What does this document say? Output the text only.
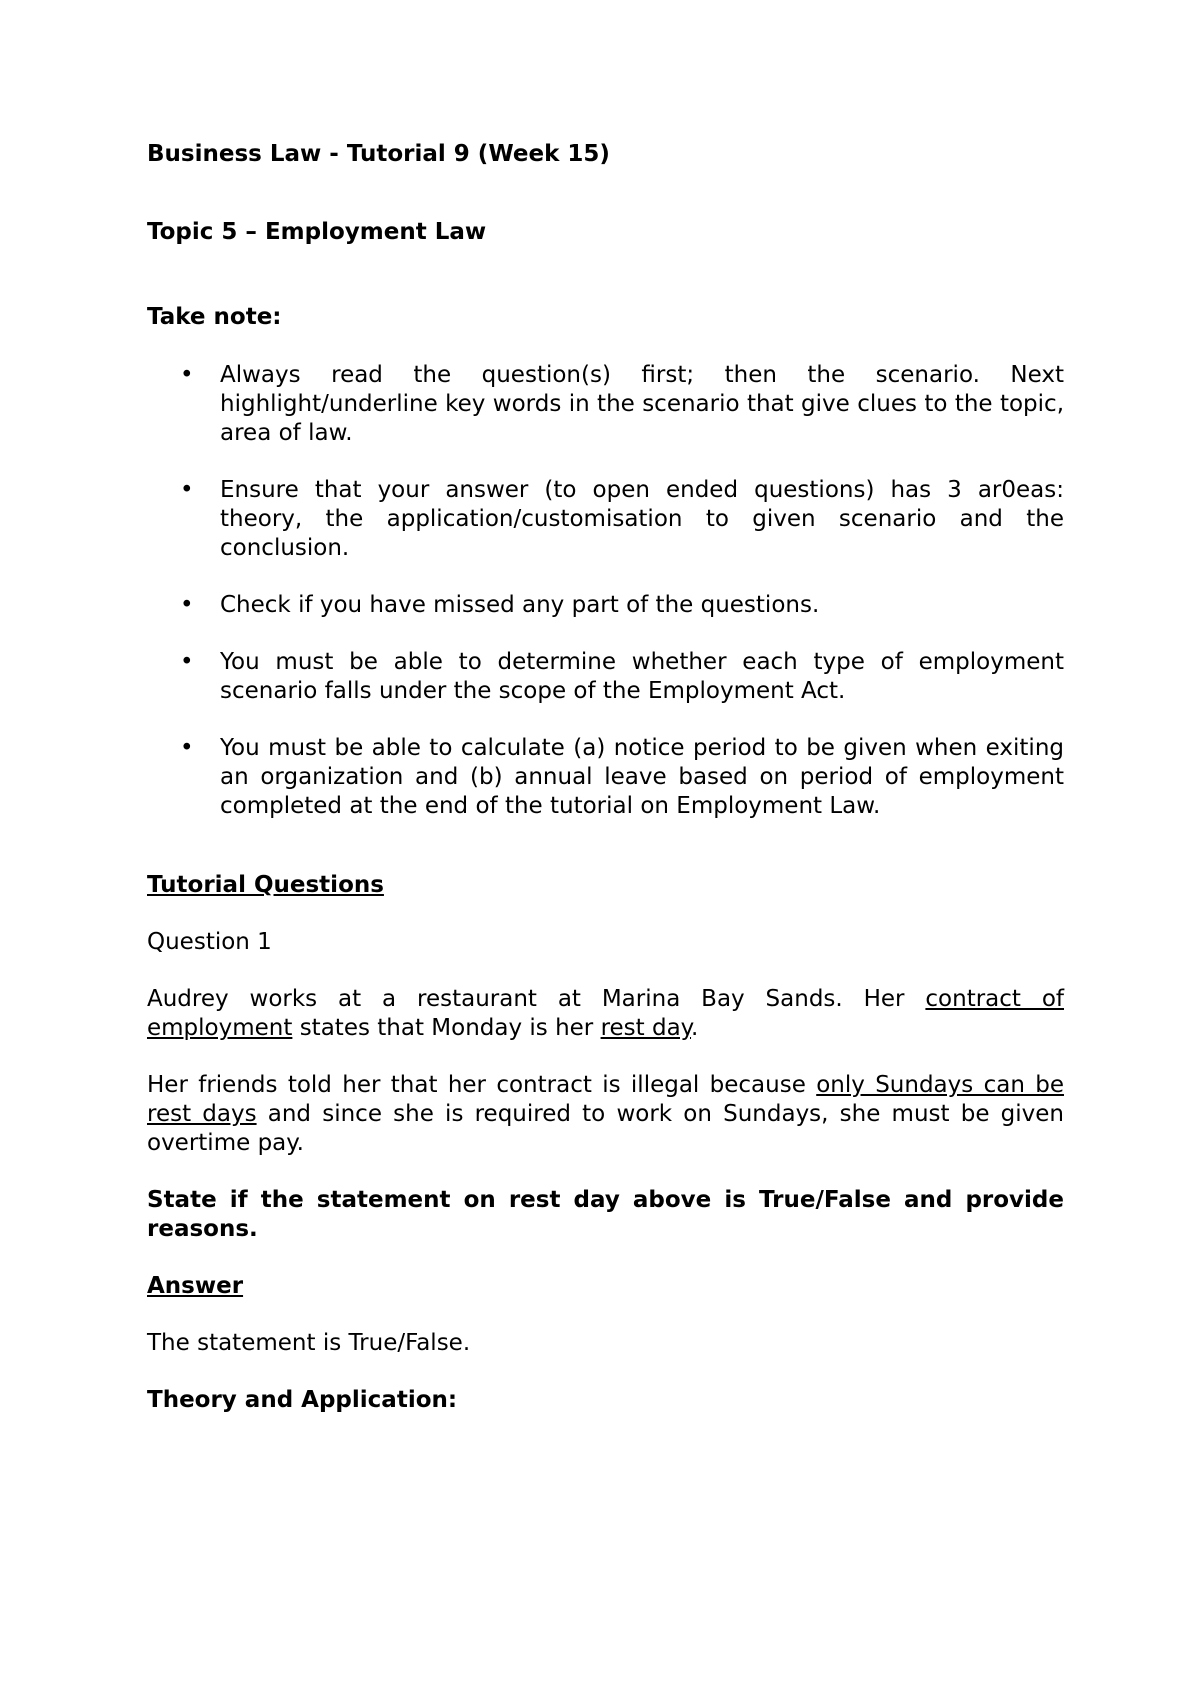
Business Law - Tutorial 9 (Week 15)
Topic 5 – Employment Law
Take note:
• Always read the question(s) first; then the scenario. Next highlight/underline key words in the scenario that give clues to the topic, area of law.
• Ensure that your answer (to open ended questions) has 3 ar0eas: theory, the application/customisation to given scenario and the conclusion.
• Check if you have missed any part of the questions.
• You must be able to determine whether each type of employment scenario falls under the scope of the Employment Act.
• You must be able to calculate (a) notice period to be given when exiting an organization and (b) annual leave based on period of employment completed at the end of the tutorial on Employment Law.
Tutorial Questions
Question 1

Audrey works at a restaurant at Marina Bay Sands. Her contract of employment states that Monday is her rest day.

Her friends told her that her contract is illegal because only Sundays can be rest days and since she is required to work on Sundays, she must be given overtime pay.

State if the statement on rest day above is True/False and provide reasons.

Answer
The statement is True/False.
Theory and Application:
